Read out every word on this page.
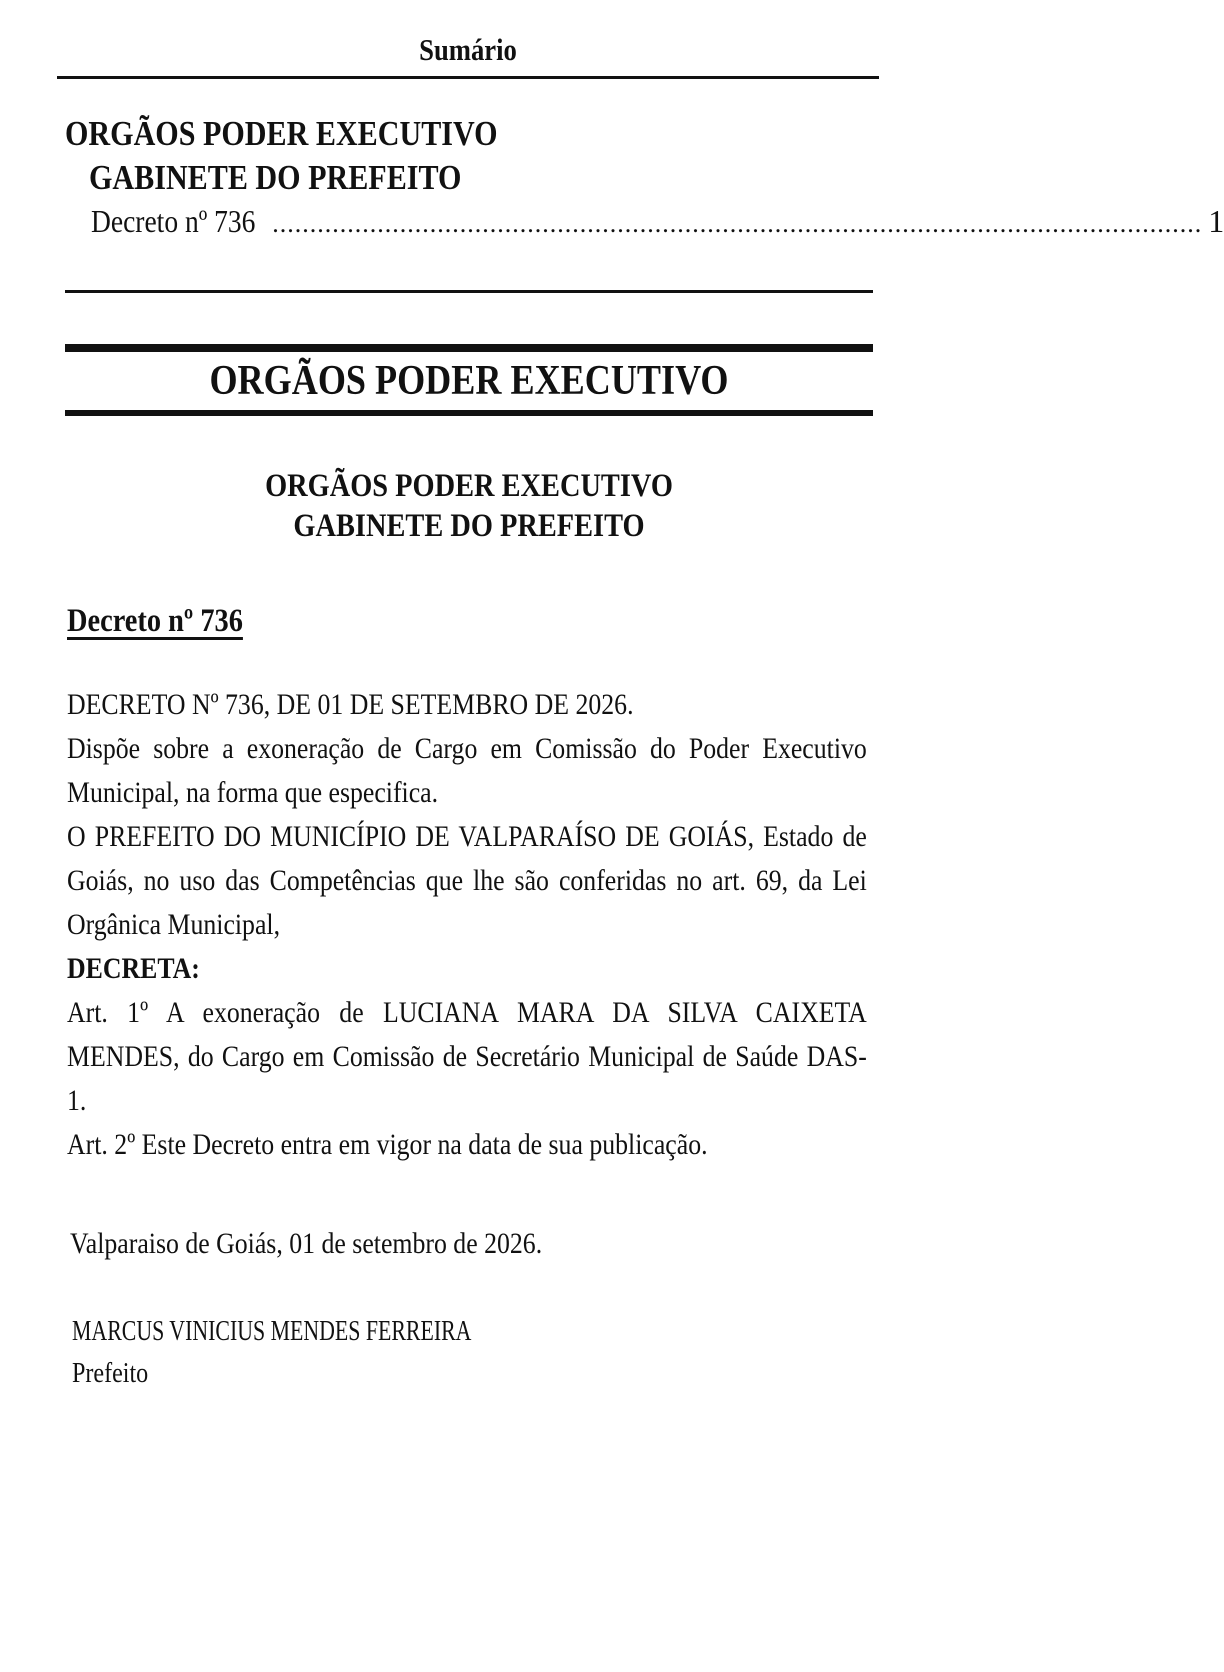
Sumário
ORGÃOS PODER EXECUTIVO
GABINETE DO PREFEITO
Decreto nº 736 ............................................................................................................................ 1
ORGÃOS PODER EXECUTIVO
ORGÃOS PODER EXECUTIVO
GABINETE DO PREFEITO
Decreto nº 736

DECRETO Nº 736, DE 01 DE SETEMBRO DE 2026.

Dispõe sobre a exoneração de Cargo em Comissão do Poder Executivo Municipal, na forma que especifica.

O PREFEITO DO MUNICÍPIO DE VALPARAÍSO DE GOIÁS, Estado de Goiás, no uso das Competências que lhe são conferidas no art. 69, da Lei Orgânica Municipal,

DECRETA:

Art. 1º A exoneração de LUCIANA MARA DA SILVA CAIXETA MENDES, do Cargo em Comissão de Secretário Municipal de Saúde DAS-1.

Art. 2º Este Decreto entra em vigor na data de sua publicação.

Valparaiso de Goiás, 01 de setembro de 2026.
MARCUS VINICIUS MENDES FERREIRA
Prefeito
